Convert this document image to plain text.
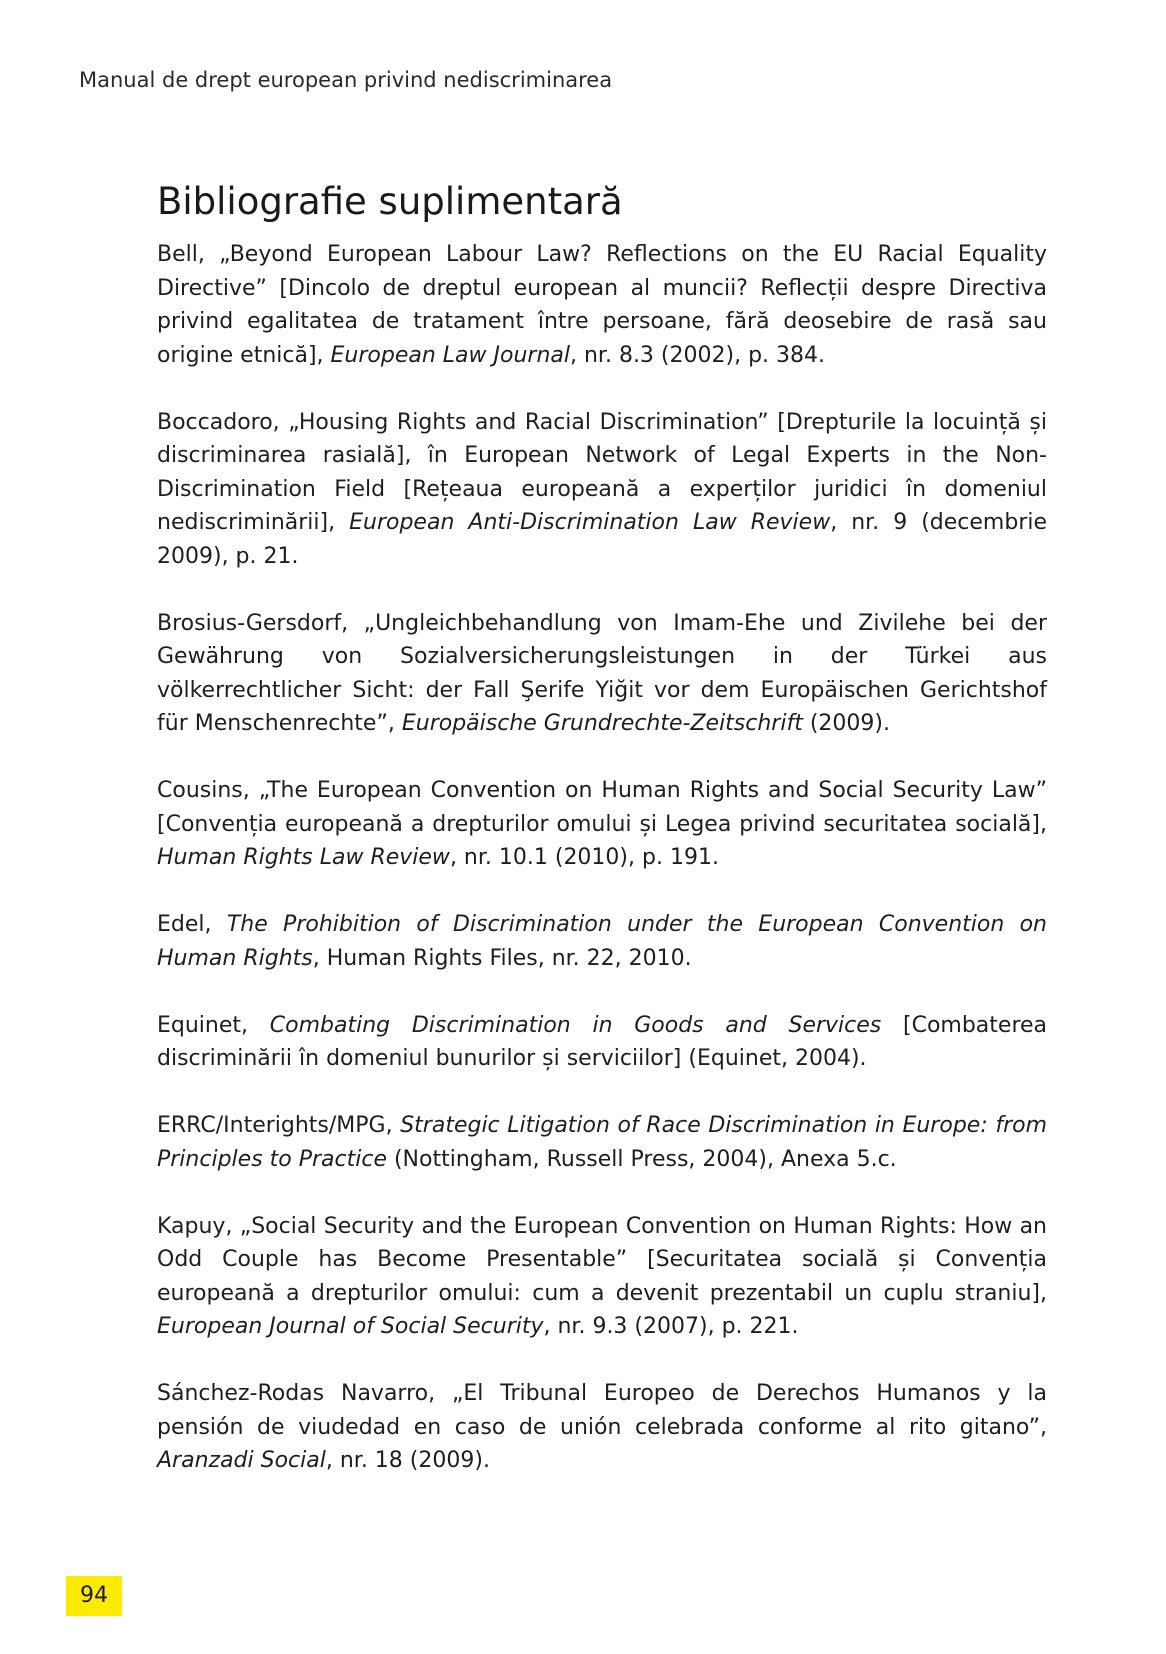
Manual de drept european privind nediscriminarea
Bibliografie suplimentară

Bell, „Beyond European Labour Law? Reflections on the EU Racial Equality Directive” [Dincolo de dreptul european al muncii? Reflecții despre Directiva privind egalitatea de tratament între persoane, fără deosebire de rasă sau origine etnică], European Law Journal, nr. 8.3 (2002), p. 384.

Boccadoro, „Housing Rights and Racial Discrimination” [Drepturile la locuință și discriminarea rasială], în European Network of Legal Experts in the Non-Discrimination Field [Rețeaua europeană a experților juridici în domeniul nediscriminării], European Anti-Discrimination Law Review, nr. 9 (decembrie 2009), p. 21.

Brosius-Gersdorf, „Ungleichbehandlung von Imam-Ehe und Zivilehe bei der Gewährung von Sozialversicherungsleistungen in der Türkei aus völkerrechtlicher Sicht: der Fall Şerife Yiğit vor dem Europäischen Gerichtshof für Menschenrechte”, Europäische Grundrechte-Zeitschrift (2009).

Cousins, „The European Convention on Human Rights and Social Security Law” [Convenția europeană a drepturilor omului și Legea privind securitatea socială], Human Rights Law Review, nr. 10.1 (2010), p. 191.

Edel, The Prohibition of Discrimination under the European Convention on Human Rights, Human Rights Files, nr. 22, 2010.

Equinet, Combating Discrimination in Goods and Services [Combaterea discriminării în domeniul bunurilor și serviciilor] (Equinet, 2004).

ERRC/Interights/MPG, Strategic Litigation of Race Discrimination in Europe: from Principles to Practice (Nottingham, Russell Press, 2004), Anexa 5.c.

Kapuy, „Social Security and the European Convention on Human Rights: How an Odd Couple has Become Presentable” [Securitatea socială și Convenția europeană a drepturilor omului: cum a devenit prezentabil un cuplu straniu], European Journal of Social Security, nr. 9.3 (2007), p. 221.

Sánchez-Rodas Navarro, „El Tribunal Europeo de Derechos Humanos y la pensión de viudedad en caso de unión celebrada conforme al rito gitano”, Aranzadi Social, nr. 18 (2009).

94
